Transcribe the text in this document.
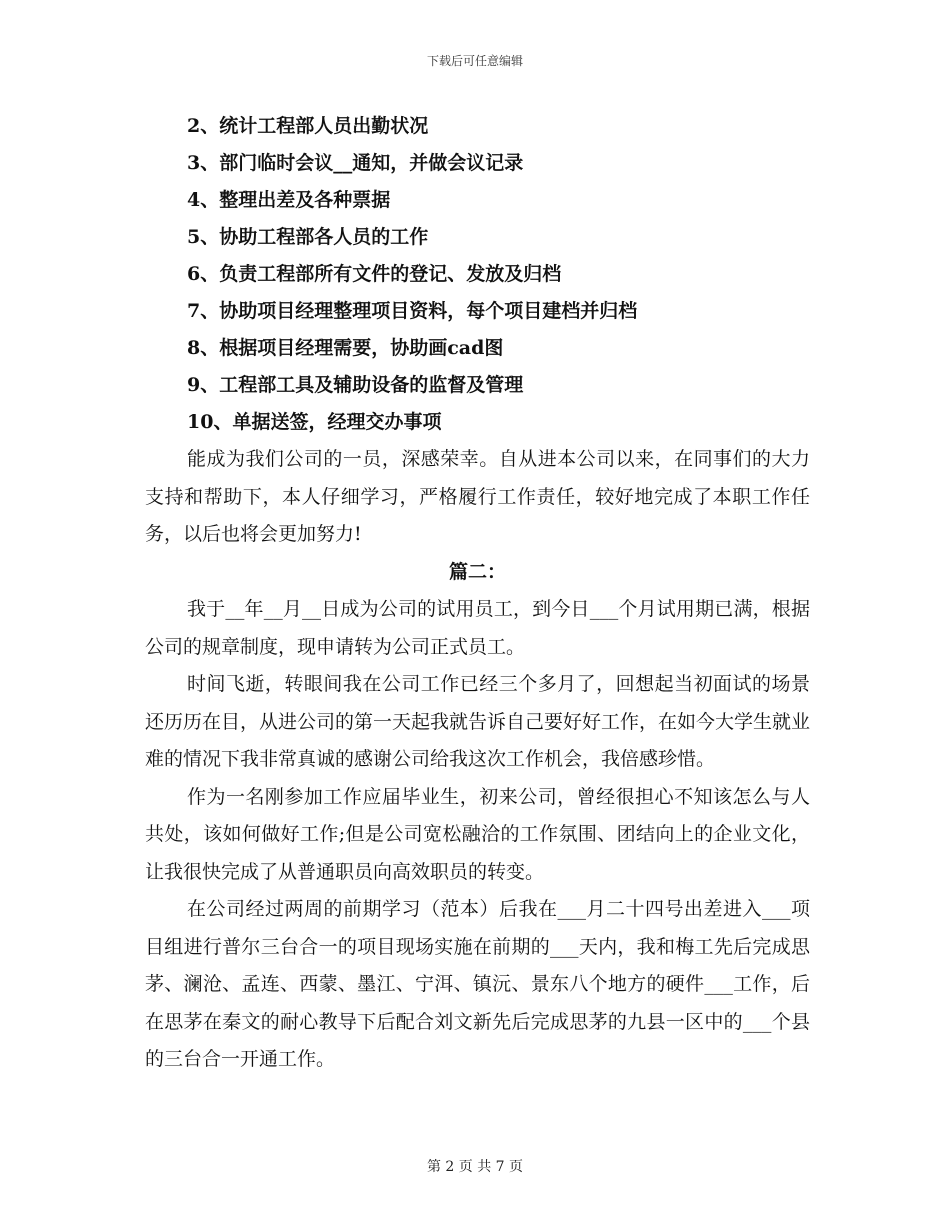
下载后可任意编辑
2、统计工程部人员出勤状况
3、部门临时会议__通知，并做会议记录
4、整理出差及各种票据
5、协助工程部各人员的工作
6、负责工程部所有文件的登记、发放及归档
7、协助项目经理整理项目资料，每个项目建档并归档
8、根据项目经理需要，协助画cad图
9、工程部工具及辅助设备的监督及管理
10、单据送签，经理交办事项

能成为我们公司的一员，深感荣幸。自从进本公司以来，在同事们的大力支持和帮助下，本人仔细学习，严格履行工作责任，较好地完成了本职工作任务，以后也将会更加努力!

篇二：

我于__年__月__日成为公司的试用员工，到今日___个月试用期已满，根据公司的规章制度，现申请转为公司正式员工。

时间飞逝，转眼间我在公司工作已经三个多月了，回想起当初面试的场景还历历在目，从进公司的第一天起我就告诉自己要好好工作，在如今大学生就业难的情况下我非常真诚的感谢公司给我这次工作机会，我倍感珍惜。

作为一名刚参加工作应届毕业生，初来公司，曾经很担心不知该怎么与人共处，该如何做好工作;但是公司宽松融洽的工作氛围、团结向上的企业文化，让我很快完成了从普通职员向高效职员的转变。

在公司经过两周的前期学习（范本）后我在___月二十四号出差进入___项目组进行普尔三台合一的项目现场实施在前期的___天内，我和梅工先后完成思茅、澜沧、孟连、西蒙、墨江、宁洱、镇沅、景东八个地方的硬件___工作，后在思茅在秦文的耐心教导下后配合刘文新先后完成思茅的九县一区中的___个县的三台合一开通工作。

第 2 页 共 7 页
